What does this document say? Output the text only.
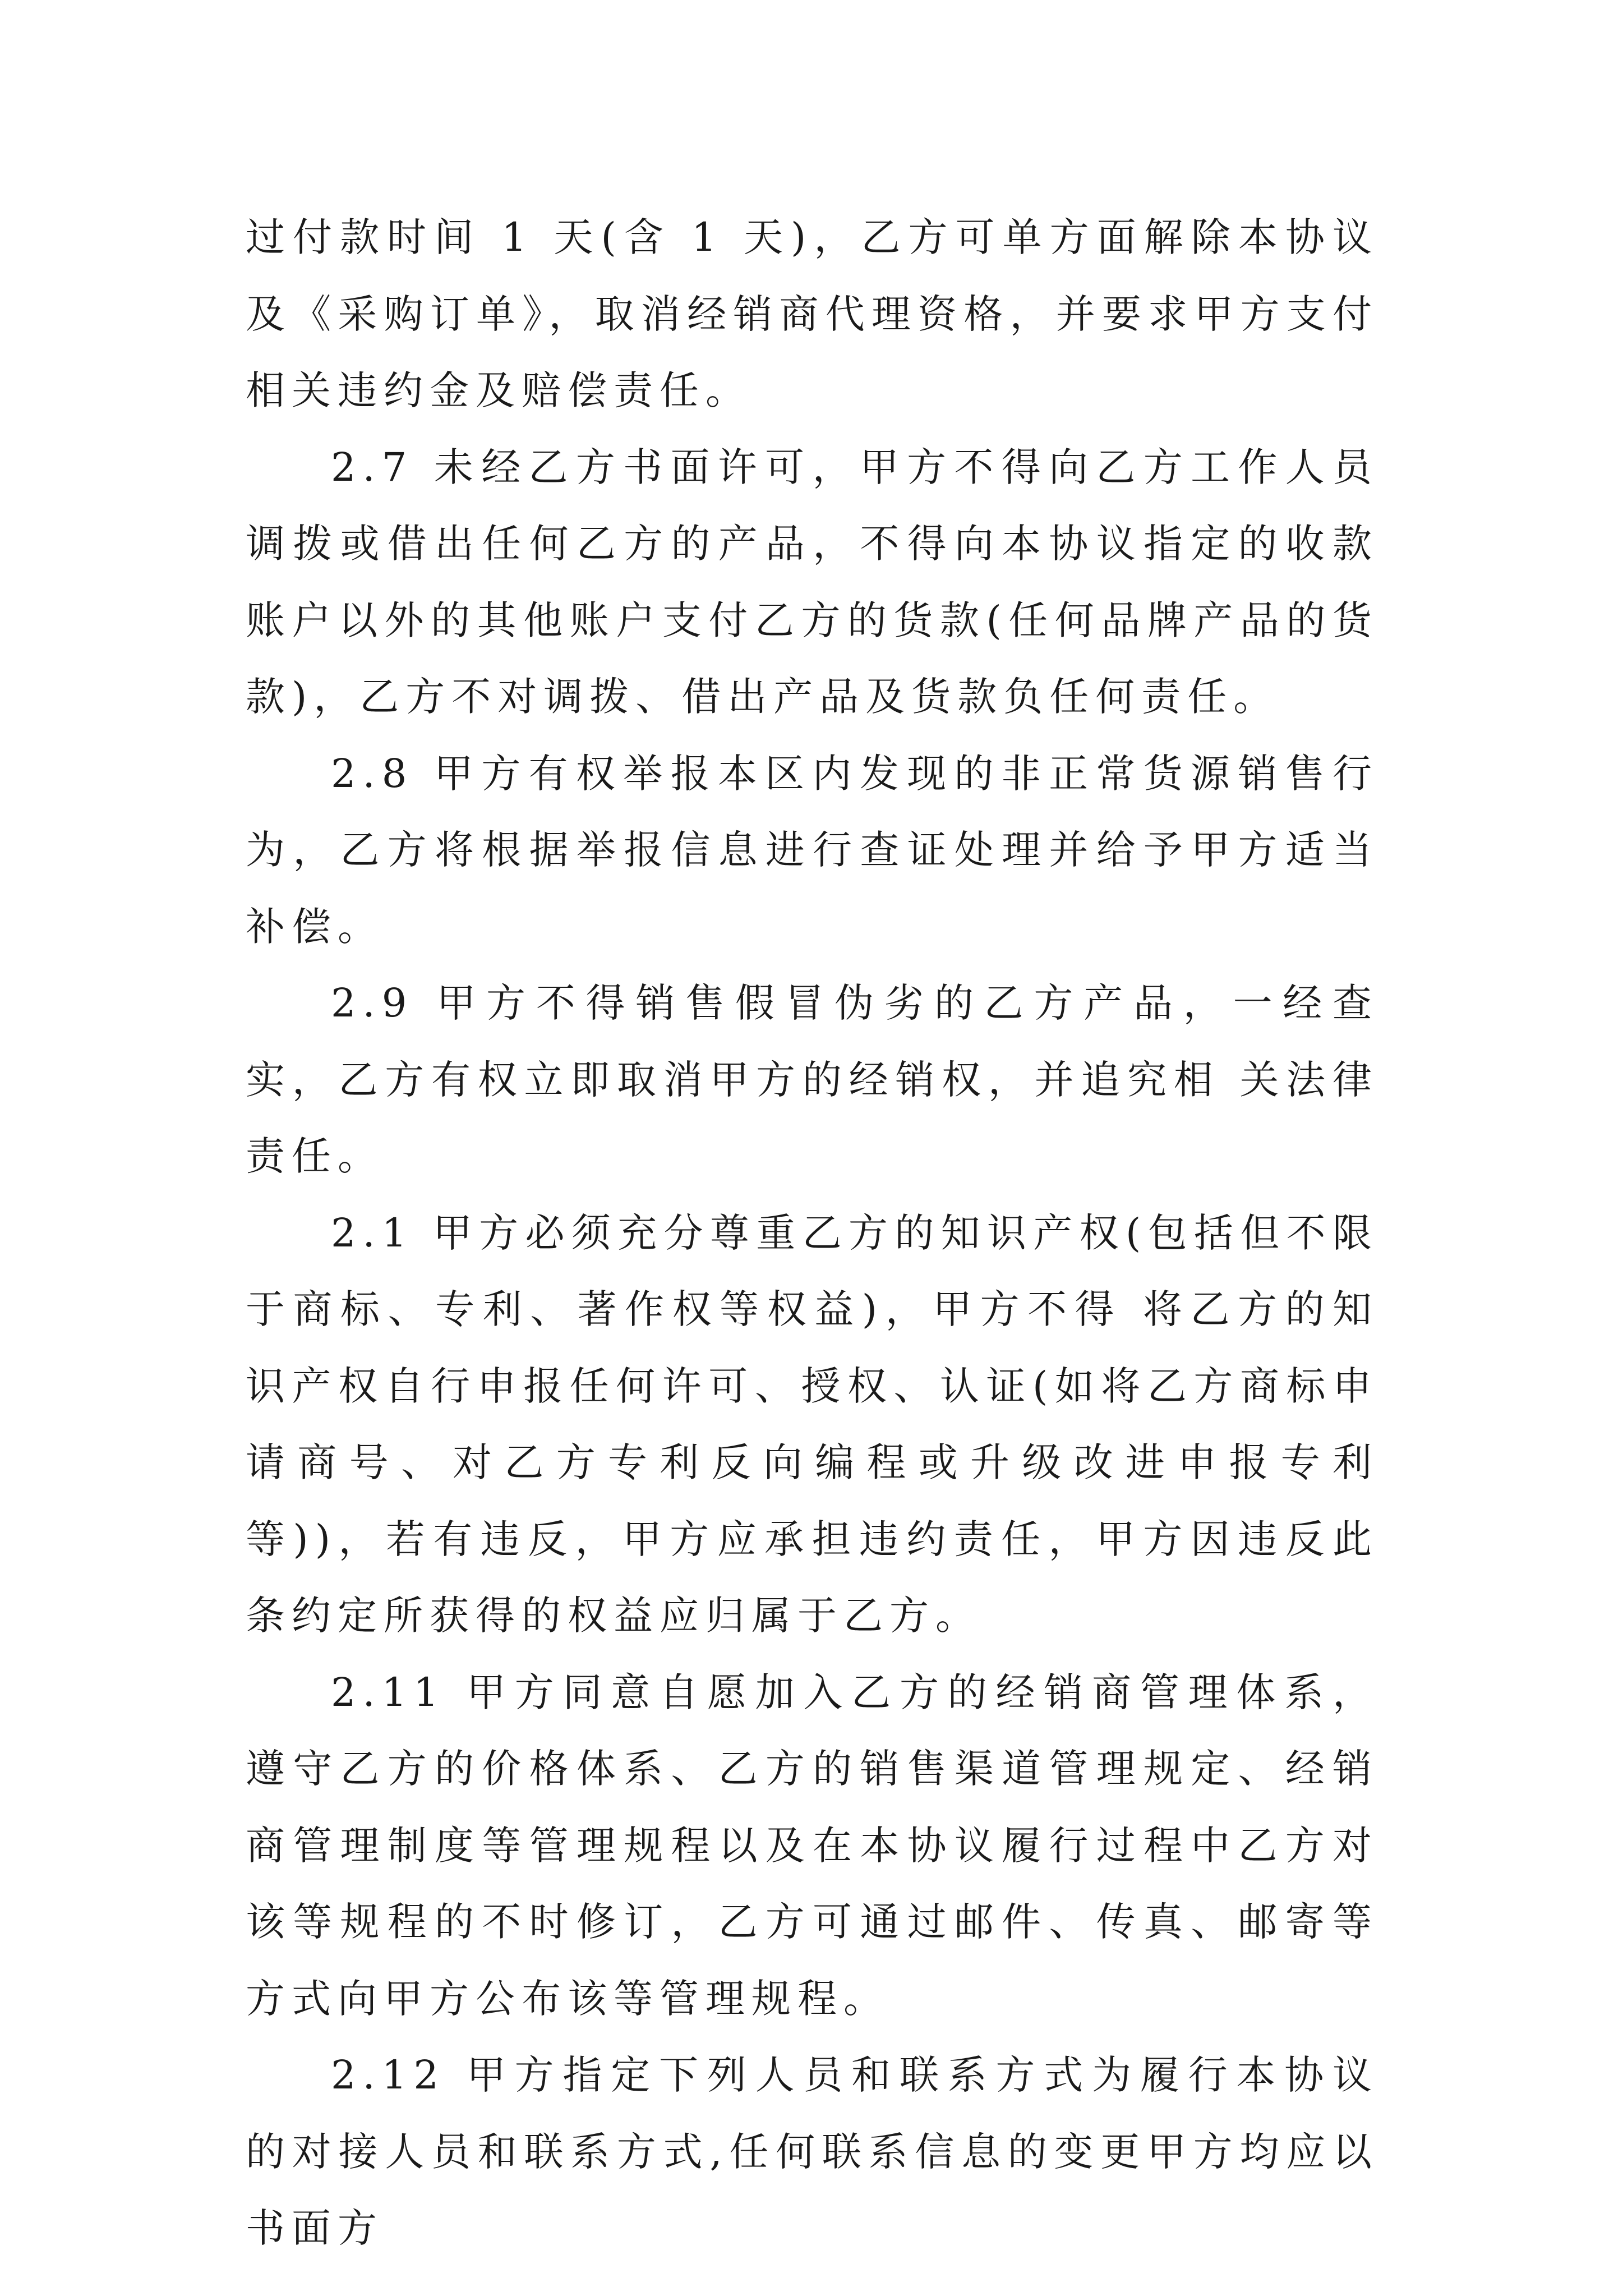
过付款时间 1 天(含 1 天)，乙方可单方面解除本协议及《采购订单》，取消经销商代理资格，并要求甲方支付相关违约金及赔偿责任。

2.7 未经乙方书面许可，甲方不得向乙方工作人员调拨或借出任何乙方的产品，不得向本协议指定的收款账户以外的其他账户支付乙方的货款(任何品牌产品的货款)，乙方不对调拨、借出产品及货款负任何责任。

2.8 甲方有权举报本区内发现的非正常货源销售行为，乙方将根据举报信息进行查证处理并给予甲方适当补偿。

2.9 甲方不得销售假冒伪劣的乙方产品，一经查实，乙方有权立即取消甲方的经销权，并追究相 关法律责任。

2.1 甲方必须充分尊重乙方的知识产权(包括但不限于商标、专利、著作权等权益)，甲方不得 将乙方的知识产权自行申报任何许可、授权、认证(如将乙方商标申请商号、对乙方专利反向编程或升级改进申报专利等))，若有违反，甲方应承担违约责任，甲方因违反此条约定所获得的权益应归属于乙方。

2.11 甲方同意自愿加入乙方的经销商管理体系，遵守乙方的价格体系、乙方的销售渠道管理规定、经销商管理制度等管理规程以及在本协议履行过程中乙方对该等规程的不时修订，乙方可通过邮件、传真、邮寄等方式向甲方公布该等管理规程。

2.12 甲方指定下列人员和联系方式为履行本协议的对接人员和联系方式,任何联系信息的变更甲方均应以书面方
